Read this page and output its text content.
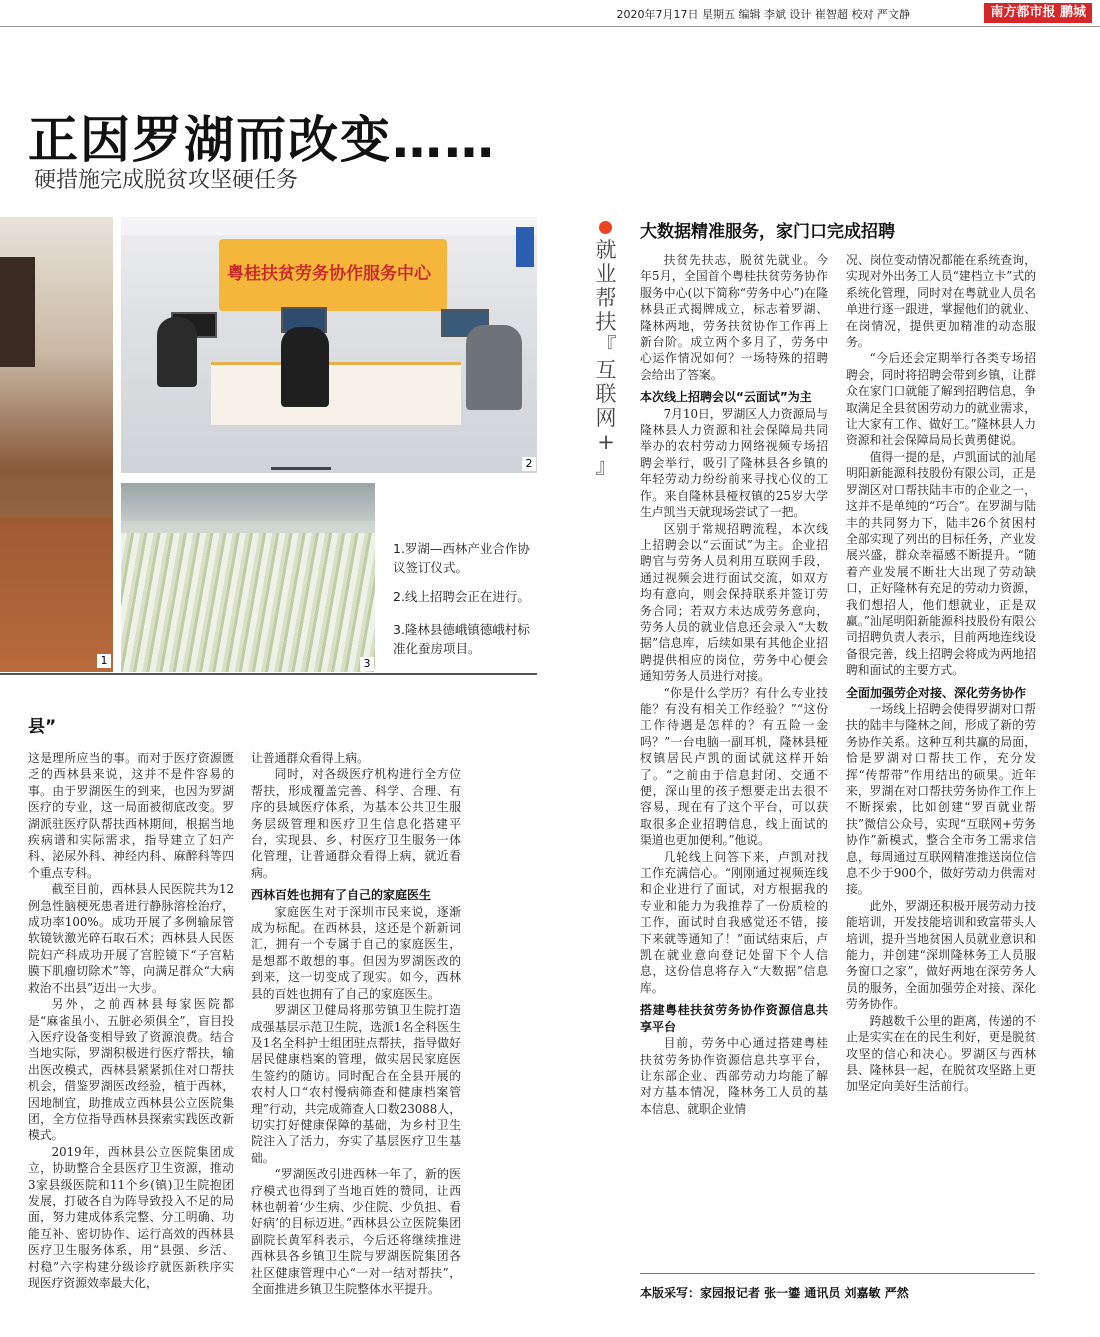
2020年7月17日 星期五 编辑 李斌 设计 崔智超 校对 严文静	南方都市报 鹏城
正因罗湖而改变……
硬措施完成脱贫攻坚硬任务
1
粤桂扶贫劳务协作服务中心
2
3
1.罗湖—西林产业合作协议签订仪式。
2.线上招聘会正在进行。
3.隆林县德峨镇德峨村标准化蚕房项目。
就
业
帮
扶
『
互
联
网
+
』
县”

这是理所应当的事。而对于医疗资源匮乏的西林县来说，这并不是件容易的事。由于罗湖医生的到来，也因为罗湖医疗的专业，这一局面被彻底改变。罗湖派驻医疗队帮扶西林期间，根据当地疾病谱和实际需求，指导建立了妇产科、泌尿外科、神经内科、麻醉科等四个重点专科。

截至目前，西林县人民医院共为12例急性脑梗死患者进行静脉溶栓治疗，成功率100%。成功开展了多例输尿管软镜钬激光碎石取石术；西林县人民医院妇产科成功开展了宫腔镜下“子宫粘膜下肌瘤切除术”等，向满足群众“大病救治不出县”迈出一大步。

另外，之前西林县每家医院都是“麻雀虽小、五脏必须俱全”，盲目投入医疗设备变相导致了资源浪费。结合当地实际，罗湖积极进行医疗帮扶，输出医改模式，西林县紧紧抓住对口帮扶机会，借鉴罗湖医改经验，植于西林，因地制宜，助推成立西林县公立医院集团，全方位指导西林县探索实践医改新模式。

2019年，西林县公立医院集团成立，协助整合全县医疗卫生资源，推动3家县级医院和11个乡(镇)卫生院抱团发展，打破各自为阵导致投入不足的局面，努力建成体系完整、分工明确、功能互补、密切协作、运行高效的西林县医疗卫生服务体系，用“县强、乡活、村稳”六字构建分级诊疗就医新秩序实现医疗资源效率最大化，

让普通群众看得上病。

同时，对各级医疗机构进行全方位帮扶，形成覆盖完善、科学、合理、有序的县域医疗体系，为基本公共卫生服务层级管理和医疗卫生信息化搭建平台，实现县、乡、村医疗卫生服务一体化管理，让普通群众看得上病，就近看病。

西林百姓也拥有了自己的家庭医生

家庭医生对于深圳市民来说，逐渐成为标配。在西林县，这还是个新新词汇，拥有一个专属于自己的家庭医生，是想都不敢想的事。但因为罗湖医改的到来，这一切变成了现实。如今，西林县的百姓也拥有了自己的家庭医生。

罗湖区卫健局将那劳镇卫生院打造成强基层示范卫生院，选派1名全科医生及1名全科护士组团驻点帮扶，指导做好居民健康档案的管理，做实居民家庭医生签约的随访。同时配合在全县开展的农村人口“农村慢病筛查和健康档案管理”行动，共完成筛查人口数23088人，切实打好健康保障的基础，为乡村卫生院注入了活力，夯实了基层医疗卫生基础。

“罗湖医改引进西林一年了，新的医疗模式也得到了当地百姓的赞同，让西林也朝着‘少生病、少住院、少负担、看好病’的目标迈进。”西林县公立医院集团副院长黄军科表示，今后还将继续推进西林县各乡镇卫生院与罗湖医院集团各社区健康管理中心“一对一结对帮扶”，全面推进乡镇卫生院整体水平提升。

大数据精准服务，家门口完成招聘

扶贫先扶志，脱贫先就业。今年5月，全国首个粤桂扶贫劳务协作服务中心(以下简称“劳务中心”)在隆林县正式揭牌成立，标志着罗湖、隆林两地，劳务扶贫协作工作再上新台阶。成立两个多月了，劳务中心运作情况如何？一场特殊的招聘会给出了答案。

本次线上招聘会以“云面试”为主

7月10日，罗湖区人力资源局与隆林县人力资源和社会保障局共同举办的农村劳动力网络视频专场招聘会举行，吸引了隆林县各乡镇的年轻劳动力纷纷前来寻找心仪的工作。来自隆林县桠杈镇的25岁大学生卢凯当天就现场尝试了一把。

区别于常规招聘流程，本次线上招聘会以“云面试”为主。企业招聘官与劳务人员利用互联网手段，通过视频会进行面试交流，如双方均有意向，则会保持联系并签订劳务合同；若双方未达成劳务意向，劳务人员的就业信息还会录入“大数据”信息库，后续如果有其他企业招聘提供相应的岗位，劳务中心便会通知劳务人员进行对接。

“你是什么学历？有什么专业技能？有没有相关工作经验？”“这份工作待遇是怎样的？有五险一金吗？”一台电脑一副耳机，隆林县桠杈镇居民卢凯的面试就这样开始了。“之前由于信息封闭、交通不便，深山里的孩子想要走出去很不容易，现在有了这个平台，可以获取很多企业招聘信息，线上面试的渠道也更加便利。”他说。

几轮线上问答下来，卢凯对找工作充满信心。“刚刚通过视频连线和企业进行了面试，对方根据我的专业和能力为我推荐了一份质检的工作，面试时自我感觉还不错，接下来就等通知了！”面试结束后，卢凯在就业意向登记处留下个人信息，这份信息将存入“大数据”信息库。

搭建粤桂扶贫劳务协作资源信息共享平台

目前，劳务中心通过搭建粤桂扶贫劳务协作资源信息共享平台，让东部企业、西部劳动力均能了解对方基本情况，隆林务工人员的基本信息、就职企业情

况、岗位变动情况都能在系统查询，实现对外出务工人员“建档立卡”式的系统化管理，同时对在粤就业人员名单进行逐一跟进，掌握他们的就业、在岗情况，提供更加精准的动态服务。

“今后还会定期举行各类专场招聘会，同时将招聘会带到乡镇，让群众在家门口就能了解到招聘信息，争取满足全县贫困劳动力的就业需求，让大家有工作、做好工。”隆林县人力资源和社会保障局局长黄勇健说。

值得一提的是，卢凯面试的汕尾明阳新能源科技股份有限公司，正是罗湖区对口帮扶陆丰市的企业之一，这并不是单纯的“巧合”。在罗湖与陆丰的共同努力下，陆丰26个贫困村全部实现了列出的目标任务，产业发展兴盛，群众幸福感不断提升。“随着产业发展不断壮大出现了劳动缺口，正好隆林有充足的劳动力资源，我们想招人，他们想就业，正是双赢。”汕尾明阳新能源科技股份有限公司招聘负责人表示，目前两地连线设备很完善，线上招聘会将成为两地招聘和面试的主要方式。

全面加强劳企对接、深化劳务协作

一场线上招聘会使得罗湖对口帮扶的陆丰与隆林之间，形成了新的劳务协作关系。这种互利共赢的局面，恰是罗湖对口帮扶工作，充分发挥“传帮带”作用结出的硕果。近年来，罗湖在对口帮扶劳务协作工作上不断探索，比如创建“罗百就业帮扶”微信公众号，实现“互联网+劳务协作”新模式，整合全市务工需求信息，每周通过互联网精准推送岗位信息不少于900个，做好劳动力供需对接。

此外，罗湖还积极开展劳动力技能培训，开发技能培训和致富带头人培训，提升当地贫困人员就业意识和能力，并创建“深圳隆林务工人员服务窗口之家”，做好两地在深劳务人员的服务，全面加强劳企对接、深化劳务协作。

跨越数千公里的距离，传递的不止是实实在在的民生利好，更是脱贫攻坚的信心和决心。罗湖区与西林县、隆林县一起，在脱贫攻坚路上更加坚定向美好生活前行。

本版采写：家园报记者 张一鎏 通讯员 刘嘉敏 严然
